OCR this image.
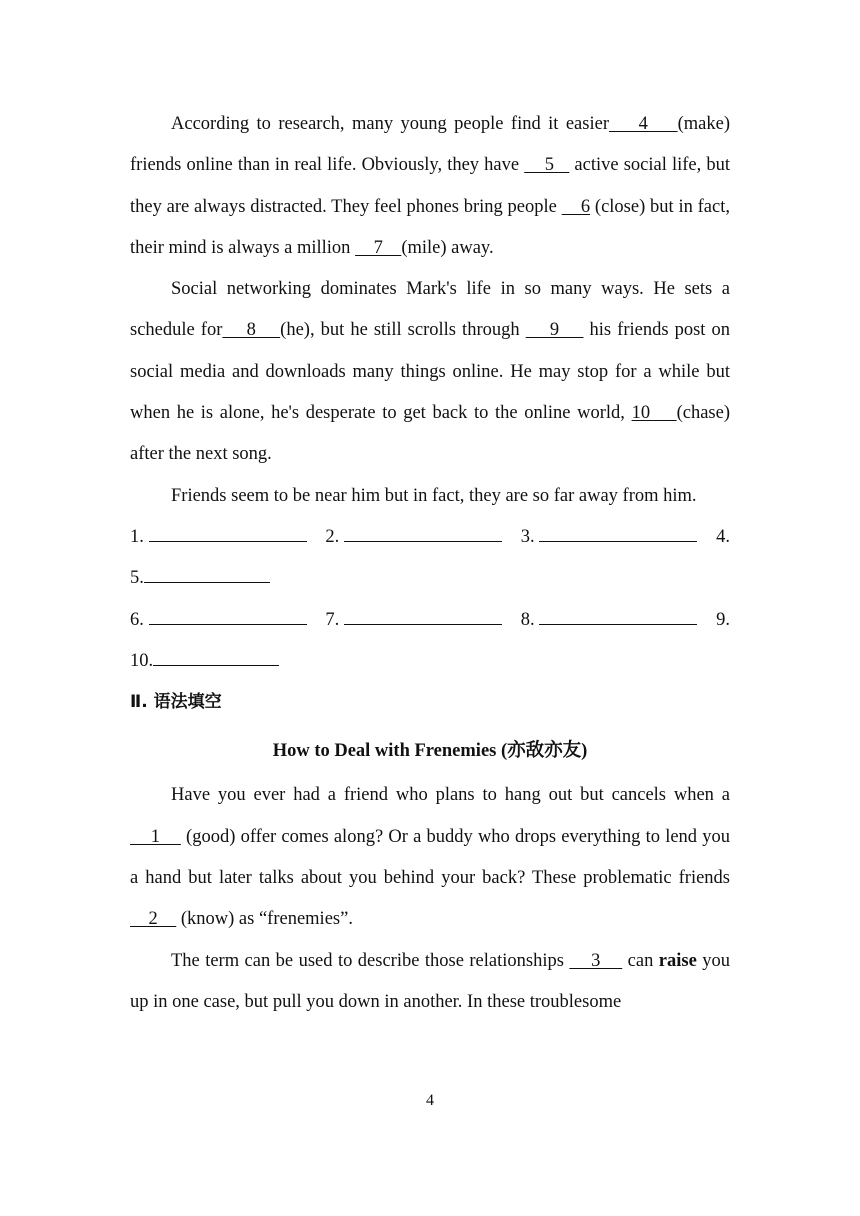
According to research, many young people find it easier    4    (make) friends online than in real life. Obviously, they have     5    active social life, but they are always distracted. They feel phones bring people     6 (close) but in fact, their mind is always a million     7    (mile) away.

Social networking dominates Mark's life in so many ways. He sets a schedule for    8    (he), but he still scrolls through     9     his friends post on social media and downloads many things online. He may stop for a while but when he is alone, he's desperate to get back to the online world, 10    (chase) after the next song.

Friends seem to be near him but in fact, they are so far away from him.

1.	2.	3.	4.
5.
6.	7.	8.	9.
10.
Ⅱ. 语法填空
How to Deal with Frenemies (亦敌亦友)

Have you ever had a friend who plans to hang out but cancels when a     1     (good) offer comes along? Or a buddy who drops everything to lend you a hand but later talks about you behind your back? These problematic friends     2     (know) as “frenemies”.

The term can be used to describe those relationships     3     can raise you up in one case, but pull you down in another. In these troublesome

4
